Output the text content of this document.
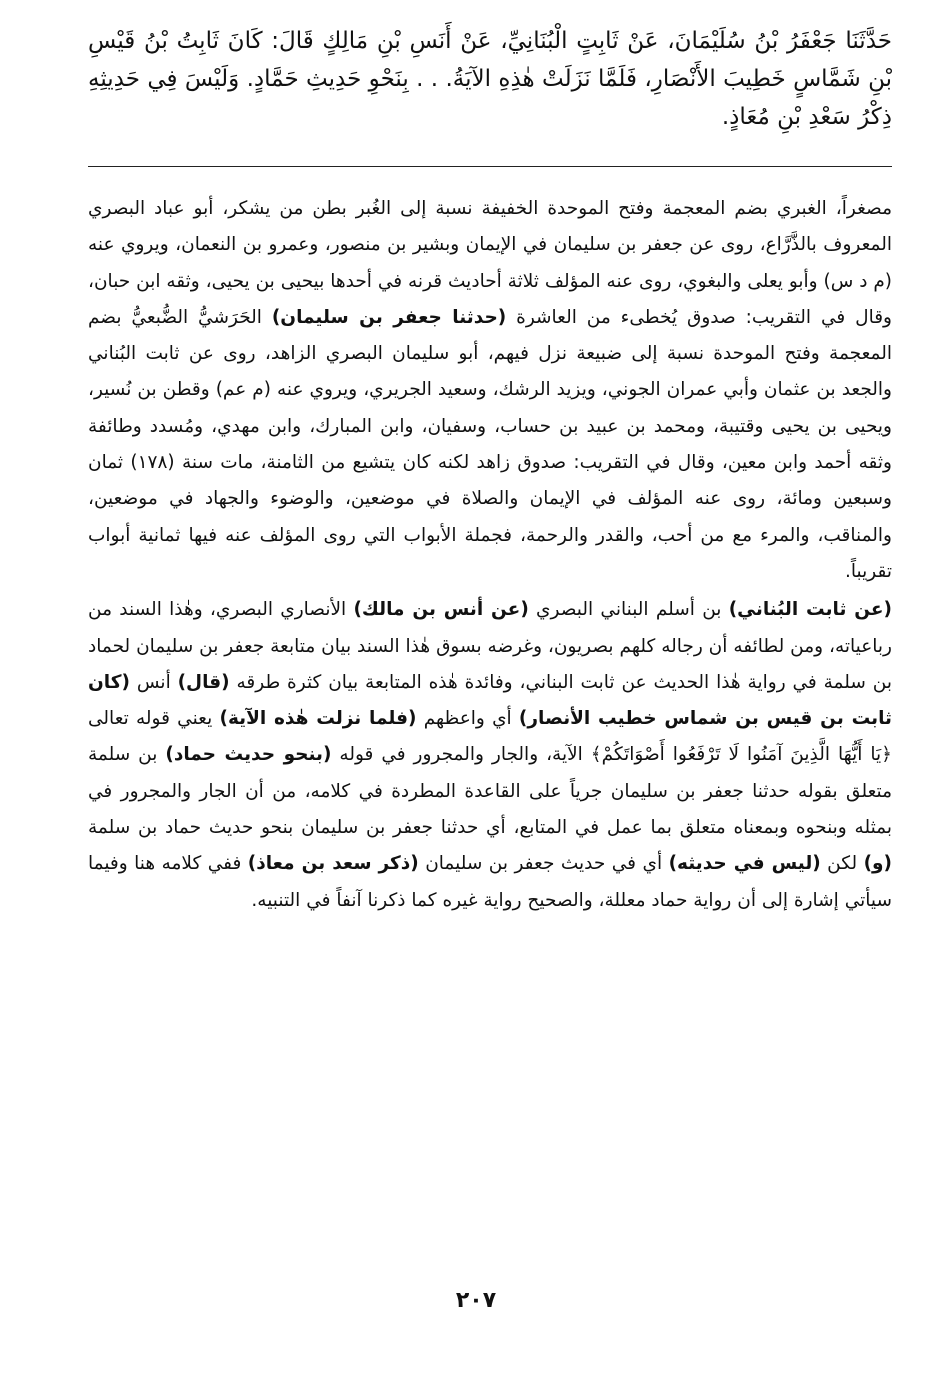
حَدَّثَنَا جَعْفَرُ بْنُ سُلَيْمَانَ، عَنْ ثَابِتٍ الْبُنَانِيِّ، عَنْ أَنَسِ بْنِ مَالِكٍ قَالَ: كَانَ ثَابِتُ بْنُ قَيْسِ بْنِ شَمَّاسٍ خَطِيبَ الأَنْصَارِ، فَلَمَّا نَزَلَتْ هٰذِهِ الآيَةُ. . . بِنَحْوِ حَدِيثِ حَمَّادٍ. وَلَيْسَ فِي حَدِيثِهِ ذِكْرُ سَعْدِ بْنِ مُعَاذٍ.

مصغراً، الغبري بضم المعجمة وفتح الموحدة الخفيفة نسبة إلى الغُبر بطن من يشكر، أبو عباد البصري المعروف بالذَّرَّاع، روى عن جعفر بن سليمان في الإيمان وبشير بن منصور، وعمرو بن النعمان، ويروي عنه (م د س) وأبو يعلى والبغوي، روى عنه المؤلف ثلاثة أحاديث قرنه في أحدها بيحيى بن يحيى، وثقه ابن حبان، وقال في التقريب: صدوق يُخطىء من العاشرة (حدثنا جعفر بن سليمان) الحَرَشيُّ الضُّبعيُّ بضم المعجمة وفتح الموحدة نسبة إلى ضبيعة نزل فيهم، أبو سليمان البصري الزاهد، روى عن ثابت البُناني والجعد بن عثمان وأبي عمران الجوني، ويزيد الرشك، وسعيد الجريري، ويروي عنه (م عم) وقطن بن نُسير، ويحيى بن يحيى وقتيبة، ومحمد بن عبيد بن حساب، وسفيان، وابن المبارك، وابن مهدي، ومُسدد وطائفة وثقه أحمد وابن معين، وقال في التقريب: صدوق زاهد لكنه كان يتشيع من الثامنة، مات سنة (١٧٨) ثمان وسبعين ومائة، روى عنه المؤلف في الإيمان والصلاة في موضعين، والوضوء والجهاد في موضعين، والمناقب، والمرء مع من أحب، والقدر والرحمة، فجملة الأبواب التي روى المؤلف عنه فيها ثمانية أبواب تقريباً.

(عن ثابت البُناني) بن أسلم البناني البصري (عن أنس بن مالك) الأنصاري البصري، وهٰذا السند من رباعياته، ومن لطائفه أن رجاله كلهم بصريون، وغرضه بسوق هٰذا السند بيان متابعة جعفر بن سليمان لحماد بن سلمة في رواية هٰذا الحديث عن ثابت البناني، وفائدة هٰذه المتابعة بيان كثرة طرقه (قال) أنس (كان ثابت بن قيس بن شماس خطيب الأنصار) أي واعظهم (فلما نزلت هٰذه الآية) يعني قوله تعالى ﴿يَا أَيُّهَا الَّذِينَ آمَنُوا لَا تَرْفَعُوا أَصْوَاتَكُمْ﴾ الآية، والجار والمجرور في قوله (بنحو حديث حماد) بن سلمة متعلق بقوله حدثنا جعفر بن سليمان جرياً على القاعدة المطردة في كلامه، من أن الجار والمجرور في بمثله وبنحوه وبمعناه متعلق بما عمل في المتابع، أي حدثنا جعفر بن سليمان بنحو حديث حماد بن سلمة (و) لكن (ليس في حديثه) أي في حديث جعفر بن سليمان (ذكر سعد بن معاذ) ففي كلامه هنا وفيما سيأتي إشارة إلى أن رواية حماد معللة، والصحيح رواية غيره كما ذكرنا آنفاً في التنبيه.

٢٠٧
